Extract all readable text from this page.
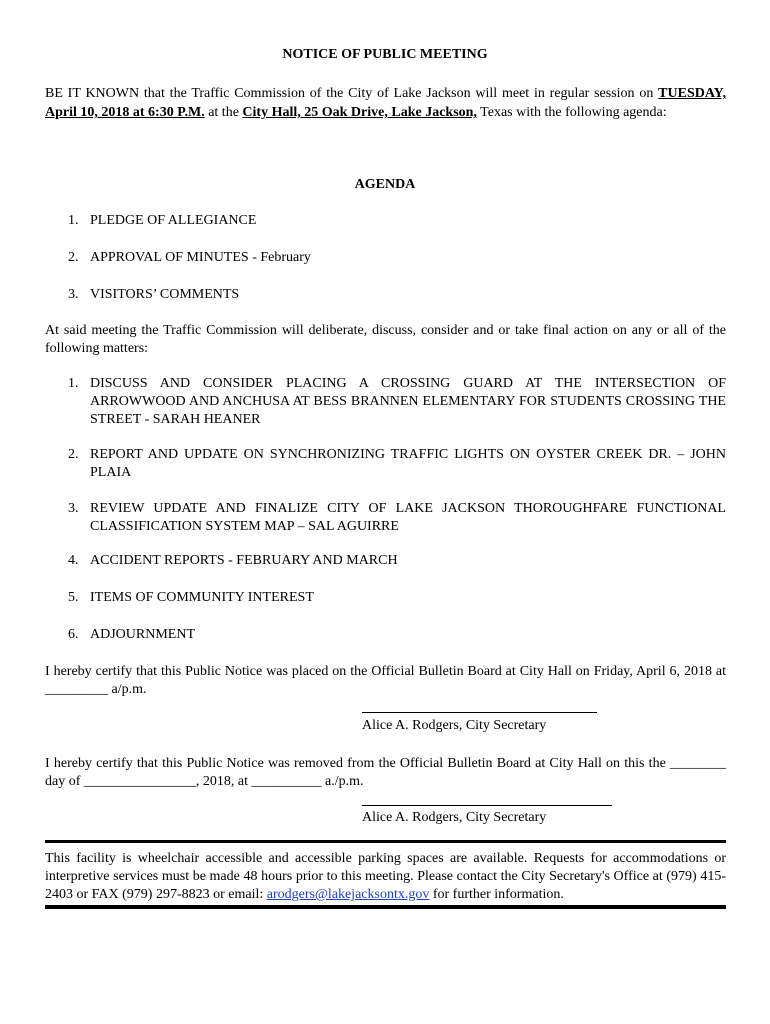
NOTICE OF PUBLIC MEETING
BE IT KNOWN that the Traffic Commission of the City of Lake Jackson will meet in regular session on TUESDAY, April 10, 2018 at 6:30 P.M. at the City Hall, 25 Oak Drive, Lake Jackson, Texas with the following agenda:
AGENDA
1. PLEDGE OF ALLEGIANCE
2. APPROVAL OF MINUTES - February
3. VISITORS’ COMMENTS
At said meeting the Traffic Commission will deliberate, discuss, consider and or take final action on any or all of the following matters:
1. DISCUSS AND CONSIDER PLACING A CROSSING GUARD AT THE INTERSECTION OF ARROWWOOD AND ANCHUSA AT BESS BRANNEN ELEMENTARY FOR STUDENTS CROSSING THE STREET - SARAH HEANER
2. REPORT AND UPDATE ON SYNCHRONIZING TRAFFIC LIGHTS ON OYSTER CREEK DR. – JOHN PLAIA
3. REVIEW UPDATE AND FINALIZE CITY OF LAKE JACKSON THOROUGHFARE FUNCTIONAL CLASSIFICATION SYSTEM MAP – SAL AGUIRRE
4. ACCIDENT REPORTS - FEBRUARY AND MARCH
5. ITEMS OF COMMUNITY INTEREST
6. ADJOURNMENT
I hereby certify that this Public Notice was placed on the Official Bulletin Board at City Hall on Friday, April 6, 2018 at _________ a/p.m.
Alice A. Rodgers, City Secretary
I hereby certify that this Public Notice was removed from the Official Bulletin Board at City Hall on this the ________ day of ________________, 2018, at __________ a./p.m.
Alice A. Rodgers, City Secretary
This facility is wheelchair accessible and accessible parking spaces are available. Requests for accommodations or interpretive services must be made 48 hours prior to this meeting. Please contact the City Secretary's Office at (979) 415-2403 or FAX (979) 297-8823 or email: arodgers@lakejacksontx.gov for further information.
